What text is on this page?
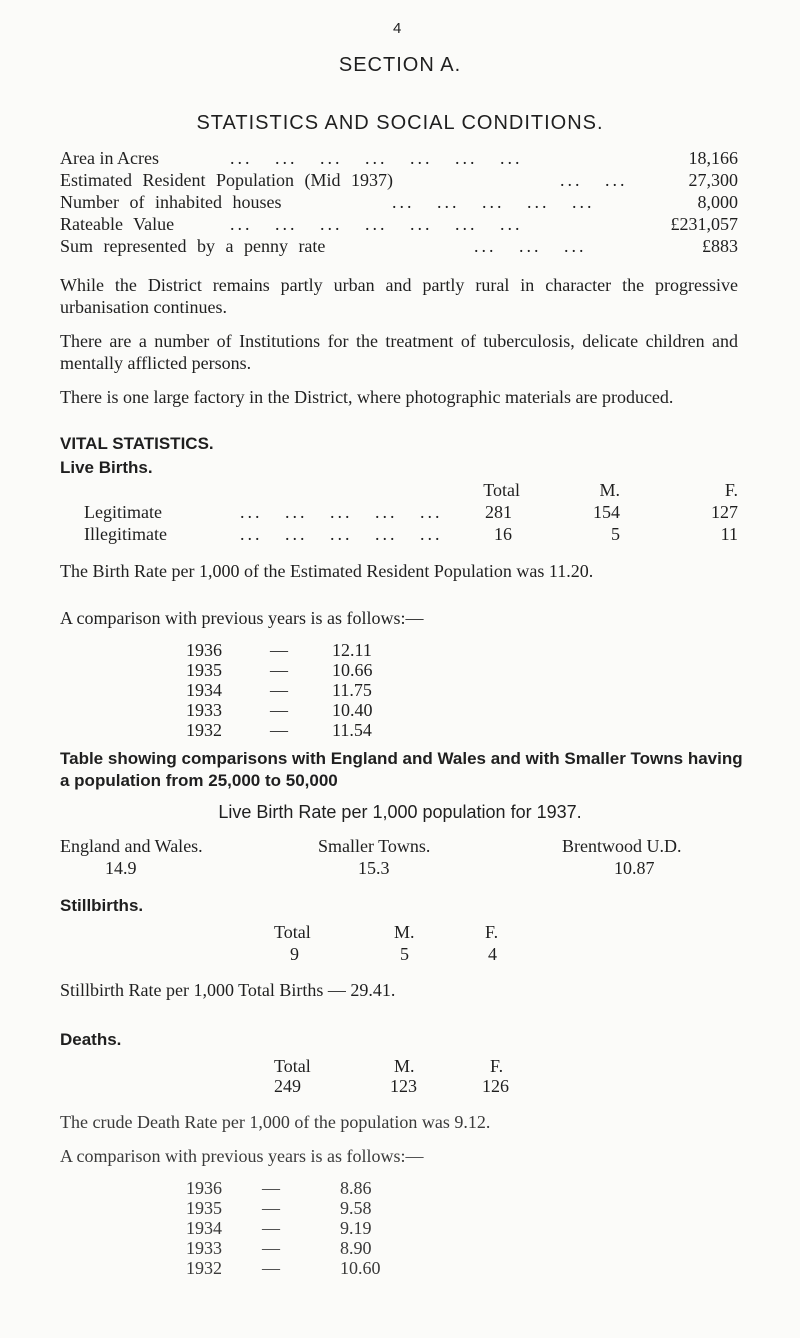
4
SECTION A.
STATISTICS AND SOCIAL CONDITIONS.
Area in Acres	...   ...   ...   ...   ...   ...   ...	18,166
Estimated Resident Population (Mid 1937)	...   ...	27,300
Number of inhabited houses	...   ...   ...   ...   ...	8,000
Rateable Value	...   ...   ...   ...   ...   ...   ...	£231,057
Sum represented by a penny rate	...   ...   ...	£883
While the District remains partly urban and partly rural in character the progressive urbanisation continues.
There are a number of Institutions for the treatment of tuberculosis, delicate children and mentally afflicted persons.
There is one large factory in the District, where photographic materials are produced.
VITAL STATISTICS.
Live Births.
Total	M.	F.
Legitimate	...   ...   ...   ...   ...	281	154	127
Illegitimate	...   ...   ...   ...   ...	16	5	11
The Birth Rate per 1,000 of the Estimated Resident Population was 11.20.
A comparison with previous years is as follows:—
1936	— 12.11
1935	— 10.66
1934	— 11.75
1933	— 10.40
1932	— 11.54
Table showing comparisons with England and Wales and with Smaller Towns having a population from 25,000 to 50,000
Live Birth Rate per 1,000 population for 1937.
England and Wales.	Smaller Towns.	Brentwood U.D.
14.9	15.3	10.87
Stillbirths.
Total	M.	F.
9	5	4
Stillbirth Rate per 1,000 Total Births — 29.41.
Deaths.
Total	M.	F.
249	123	126
The crude Death Rate per 1,000 of the population was 9.12.
A comparison with previous years is as follows:—
1936 —	8.86
1935 —	9.58
1934 —	9.19
1933 —	8.90
1932 —	10.60
